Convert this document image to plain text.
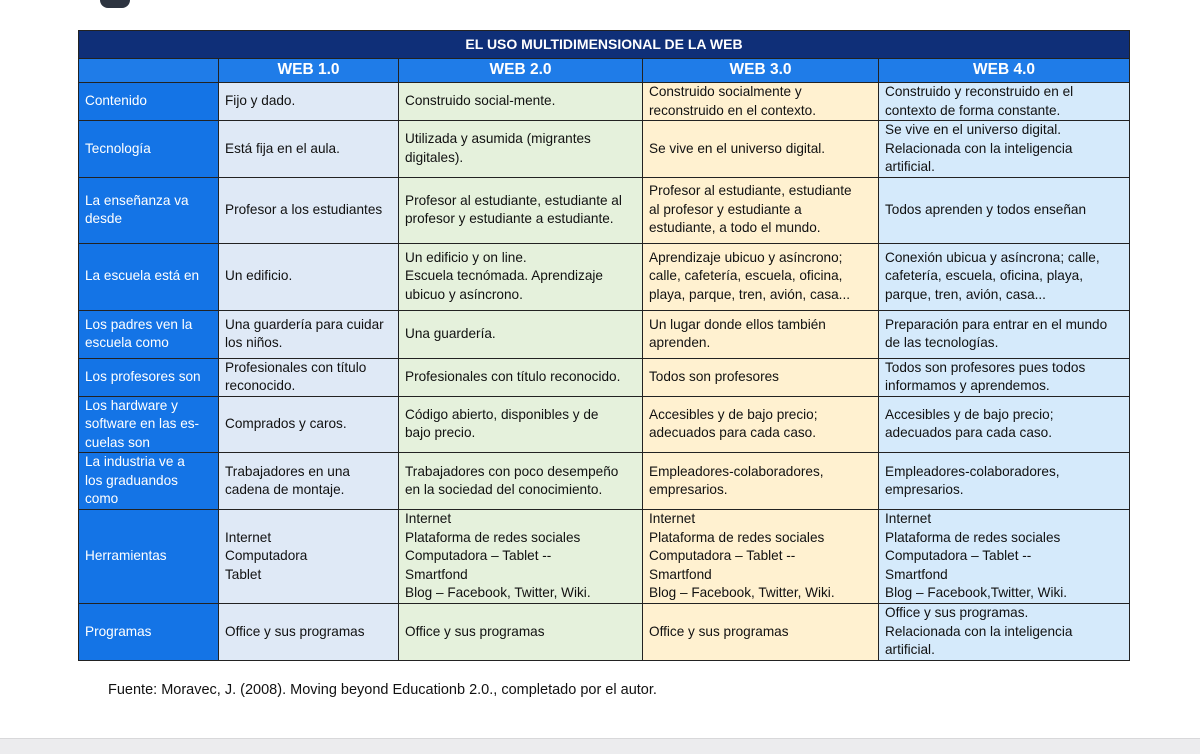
EL USO MULTIDIMENSIONAL DE LA WEB				
	WEB 1.0	WEB 2.0	WEB 3.0	WEB 4.0

Contenido	Fijo y dado.	Construido social-mente.	Construido socialmente y
reconstruido en el contexto.	Construido y reconstruido en el
contexto de forma constante.

Tecnología	Está fija en el aula.	Utilizada y asumida (migrantes
digitales).	Se vive en el universo digital.	Se vive en el universo digital.
Relacionada con la inteligencia
artificial.

La enseñanza va
desde	Profesor a los estudiantes	Profesor al estudiante, estudiante al
profesor y estudiante a estudiante.	Profesor al estudiante, estudiante
al profesor y estudiante a
estudiante, a todo el mundo.	Todos aprenden y todos enseñan

La escuela está en	Un edificio.	Un edificio y on line.
Escuela tecnómada. Aprendizaje
ubicuo y asíncrono.	Aprendizaje ubicuo y asíncrono;
calle, cafetería, escuela, oficina,
playa, parque, tren, avión, casa...	Conexión ubicua y asíncrona; calle,
cafetería, escuela, oficina, playa,
parque, tren, avión, casa...

Los padres ven la
escuela como	Una guardería para cuidar
los niños.	Una guardería.	Un lugar donde ellos también
aprenden.	Preparación para entrar en el mundo
de las tecnologías.

Los profesores son	Profesionales con título
reconocido.	Profesionales con título reconocido.	Todos son profesores	Todos son profesores pues todos
informamos y aprendemos.

Los hardware y
software en las es-
cuelas son	Comprados y caros.	Código abierto, disponibles y de
bajo precio.	Accesibles y de bajo precio;
adecuados para cada caso.	Accesibles y de bajo precio;
adecuados para cada caso.

La industria ve a
los graduandos
como	Trabajadores en una
cadena de montaje.	Trabajadores con poco desempeño
en la sociedad del conocimiento.	Empleadores-colaboradores,
empresarios.	Empleadores-colaboradores,
empresarios.

Herramientas	Internet
Computadora
Tablet	Internet
Plataforma de redes sociales
Computadora – Tablet --
Smartfond
Blog – Facebook, Twitter, Wiki.	Internet
Plataforma de redes sociales
Computadora – Tablet --
Smartfond
Blog – Facebook, Twitter, Wiki.	Internet
Plataforma de redes sociales
Computadora – Tablet --
Smartfond
Blog – Facebook,Twitter, Wiki.

Programas	Office y sus programas	Office y sus programas	Office y sus programas	Office y sus programas.
Relacionada con la inteligencia
artificial.
Fuente: Moravec, J. (2008). Moving beyond Educationb 2.0., completado por el autor.
